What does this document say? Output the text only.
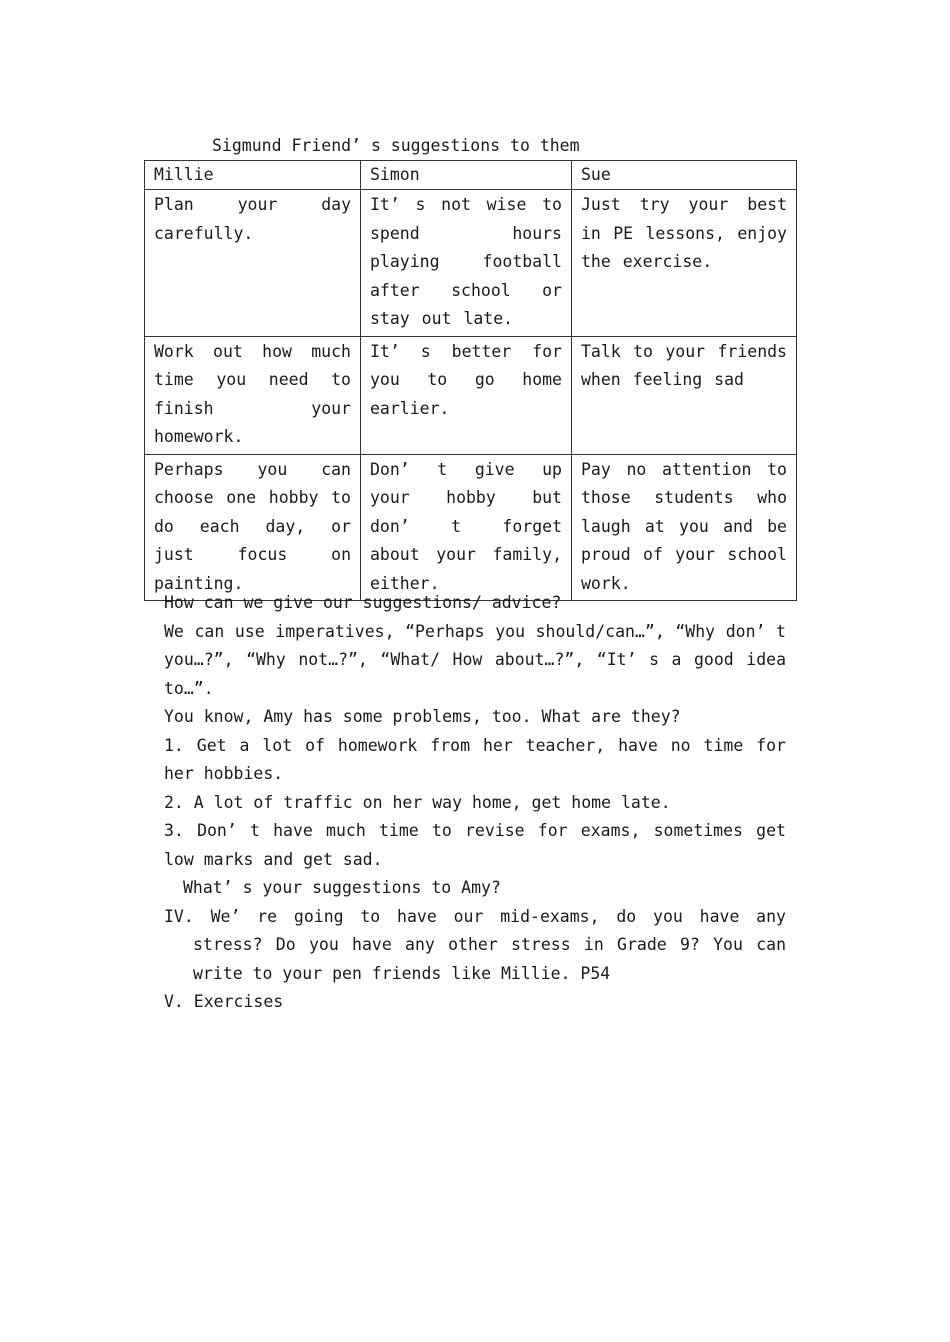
Sigmund Friend’ s suggestions to them
Millie	Simon	Sue
Plan your day carefully.	It’ s not wise to spend hours playing football after school or stay out late.	Just try your best in PE lessons, enjoy the exercise.
Work out how much time you need to finish your homework.	It’ s better for you to go home earlier.	Talk to your friends when feeling sad
Perhaps you can choose one hobby to do each day, or just focus on painting.	Don’ t give up your hobby but don’ t forget about your family, either.	Pay no attention to those students who laugh at you and be proud of your school work.

How can we give our suggestions/ advice?

We can use imperatives, “Perhaps you should/can…”, “Why don’ t you…?”, “Why not…?”, “What/ How about…?”, “It’ s a good idea to…”.

You know, Amy has some problems, too. What are they?

1. Get a lot of homework from her teacher, have no time for her hobbies.

2. A lot of traffic on her way home, get home late.

3. Don’ t have much time to revise for exams, sometimes get low marks and get sad.

What’ s your suggestions to Amy?

IV. We’ re going to have our mid-exams, do you have any stress? Do you have any other stress in Grade 9? You can write to your pen friends like Millie. P54

V. Exercises
